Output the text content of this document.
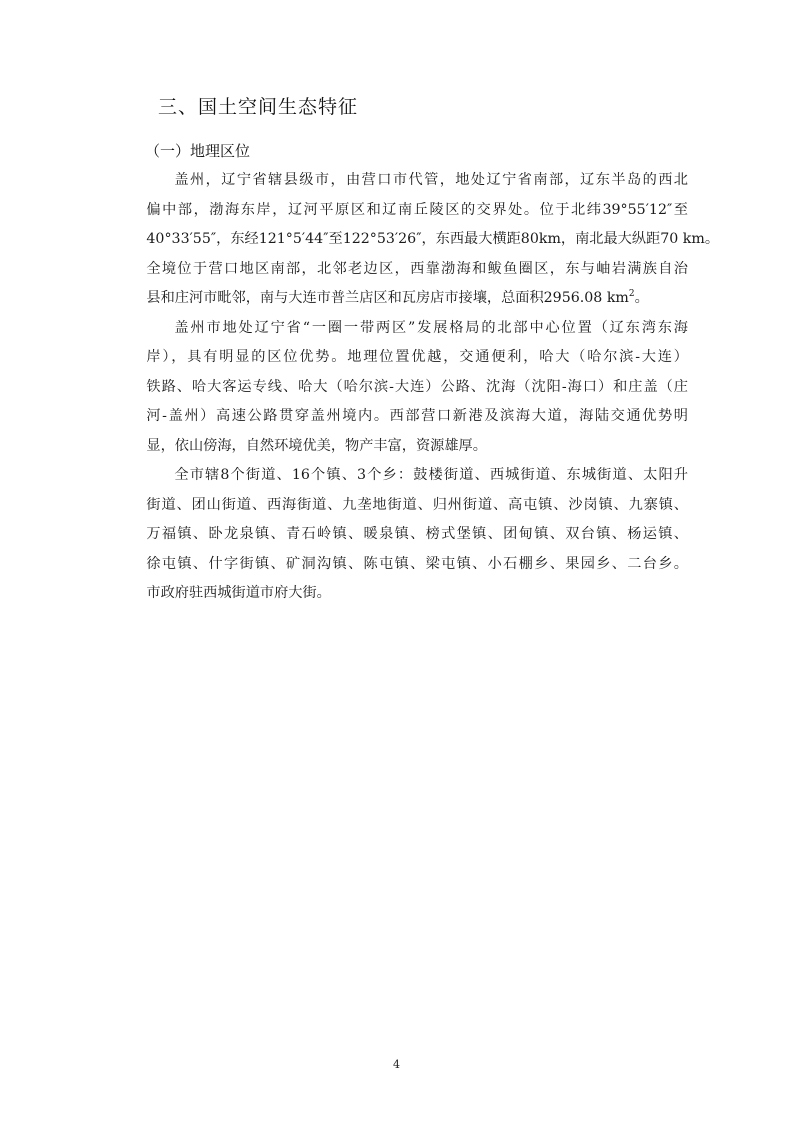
三、国土空间生态特征
（一）地理区位

盖州，辽宁省辖县级市，由营口市代管，地处辽宁省南部，辽东半岛的西北
偏中部，渤海东岸，辽河平原区和辽南丘陵区的交界处。位于北纬39°55′12″至
40°33′55″，东经121°5′44″至122°53′26″，东西最大横距80km，南北最大纵距70 km。
全境位于营口地区南部，北邻老边区，西靠渤海和鲅鱼圈区，东与岫岩满族自治
县和庄河市毗邻，南与大连市普兰店区和瓦房店市接壤，总面积2956.08 $km^2$。

盖州市地处辽宁省“一圈一带两区”发展格局的北部中心位置（辽东湾东海
岸），具有明显的区位优势。地理位置优越，交通便利，哈大（哈尔滨-大连）
铁路、哈大客运专线、哈大（哈尔滨-大连）公路、沈海（沈阳-海口）和庄盖（庄
河-盖州）高速公路贯穿盖州境内。西部营口新港及滨海大道，海陆交通优势明
显，依山傍海，自然环境优美，物产丰富，资源雄厚。

全市辖8个街道、16个镇、3个乡：鼓楼街道、西城街道、东城街道、太阳升
街道、团山街道、西海街道、九垄地街道、归州街道、高屯镇、沙岗镇、九寨镇、
万福镇、卧龙泉镇、青石岭镇、暖泉镇、榜式堡镇、团甸镇、双台镇、杨运镇、
徐屯镇、什字街镇、矿洞沟镇、陈屯镇、梁屯镇、小石棚乡、果园乡、二台乡。
市政府驻西城街道市府大街。

4
